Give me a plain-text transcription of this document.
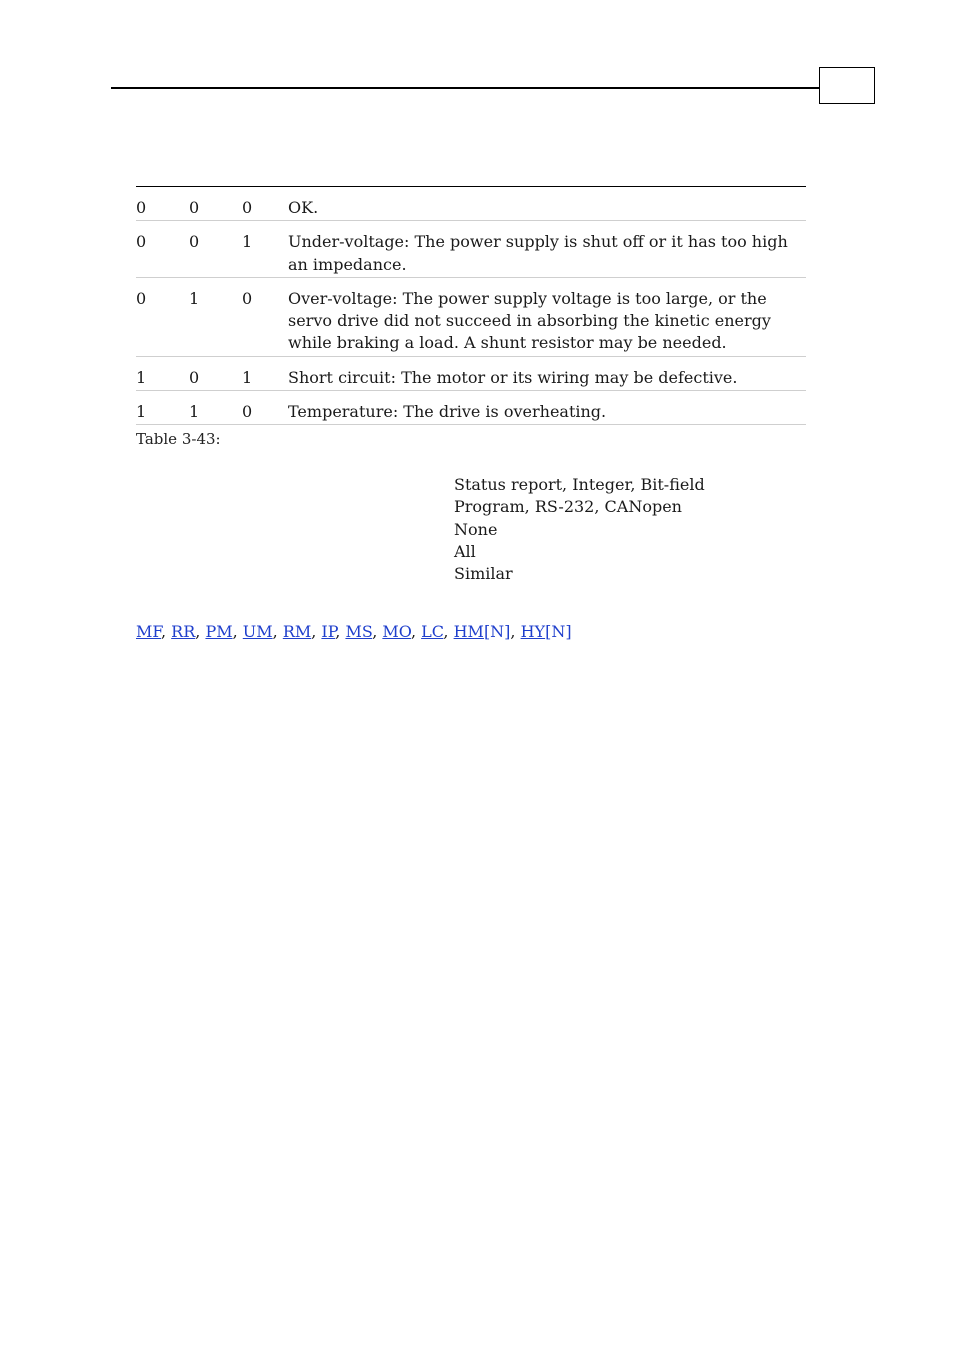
0	0	0 OK.
0	0	1 Under-voltage: The power supply is shut off or it has too high an impedance.
0	1	0 Over-voltage: The power supply voltage is too large, or the servo drive did not succeed in absorbing the kinetic energy while braking a load. A shunt resistor may be needed.
1	0	1 Short circuit: The motor or its wiring may be defective.
1	1	0 Temperature: The drive is overheating.
Table 3-43:
Status report, Integer, Bit-field
Program, RS-232, CANopen
None
All
Similar
MF, RR, PM, UM, RM, IP, MS, MO, LC, HM[N], HY[N]
